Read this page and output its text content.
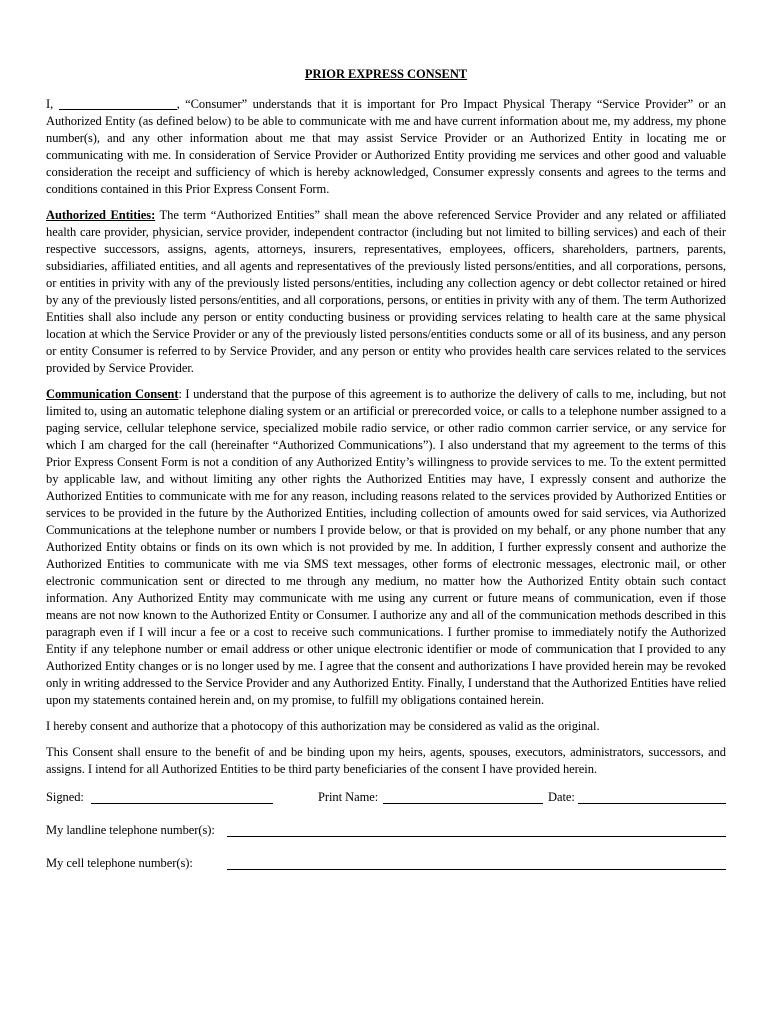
PRIOR EXPRESS CONSENT

I,	, “Consumer” understands that it is important for Pro Impact Physical Therapy “Service Provider” or an Authorized Entity (as defined below) to be able to communicate with me and have current information about me, my address, my phone number(s), and any other information about me that may assist Service Provider or an Authorized Entity in locating me or communicating with me. In consideration of Service Provider or Authorized Entity providing me services and other good and valuable consideration the receipt and sufficiency of which is hereby acknowledged, Consumer expressly consents and agrees to the terms and conditions contained in this Prior Express Consent Form.

Authorized Entities: The term “Authorized Entities” shall mean the above referenced Service Provider and any related or affiliated health care provider, physician, service provider, independent contractor (including but not limited to billing services) and each of their respective successors, assigns, agents, attorneys, insurers, representatives, employees, officers, shareholders, partners, parents, subsidiaries, affiliated entities, and all agents and representatives of the previously listed persons/entities, and all corporations, persons, or entities in privity with any of the previously listed persons/entities, including any collection agency or debt collector retained or hired by any of the previously listed persons/entities, and all corporations, persons, or entities in privity with any of them. The term Authorized Entities shall also include any person or entity conducting business or providing services relating to health care at the same physical location at which the Service Provider or any of the previously listed persons/entities conducts some or all of its business, and any person or entity Consumer is referred to by Service Provider, and any person or entity who provides health care services related to the services provided by Service Provider.

Communication Consent: I understand that the purpose of this agreement is to authorize the delivery of calls to me, including, but not limited to, using an automatic telephone dialing system or an artificial or prerecorded voice, or calls to a telephone number assigned to a paging service, cellular telephone service, specialized mobile radio service, or other radio common carrier service, or any service for which I am charged for the call (hereinafter “Authorized Communications”). I also understand that my agreement to the terms of this Prior Express Consent Form is not a condition of any Authorized Entity’s willingness to provide services to me. To the extent permitted by applicable law, and without limiting any other rights the Authorized Entities may have, I expressly consent and authorize the Authorized Entities to communicate with me for any reason, including reasons related to the services provided by Authorized Entities or services to be provided in the future by the Authorized Entities, including collection of amounts owed for said services, via Authorized Communications at the telephone number or numbers I provide below, or that is provided on my behalf, or any phone number that any Authorized Entity obtains or finds on its own which is not provided by me. In addition, I further expressly consent and authorize the Authorized Entities to communicate with me via SMS text messages, other forms of electronic messages, electronic mail, or other electronic communication sent or directed to me through any medium, no matter how the Authorized Entity obtain such contact information. Any Authorized Entity may communicate with me using any current or future means of communication, even if those means are not now known to the Authorized Entity or Consumer. I authorize any and all of the communication methods described in this paragraph even if I will incur a fee or a cost to receive such communications. I further promise to immediately notify the Authorized Entity if any telephone number or email address or other unique electronic identifier or mode of communication that I provided to any Authorized Entity changes or is no longer used by me. I agree that the consent and authorizations I have provided herein may be revoked only in writing addressed to the Service Provider and any Authorized Entity. Finally, I understand that the Authorized Entities have relied upon my statements contained herein and, on my promise, to fulfill my obligations contained herein.

I hereby consent and authorize that a photocopy of this authorization may be considered as valid as the original.

This Consent shall ensure to the benefit of and be binding upon my heirs, agents, spouses, executors, administrators, successors, and assigns. I intend for all Authorized Entities to be third party beneficiaries of the consent I have provided herein.

Signed:	Print Name:	Date:
My landline telephone number(s):
My cell telephone number(s):
